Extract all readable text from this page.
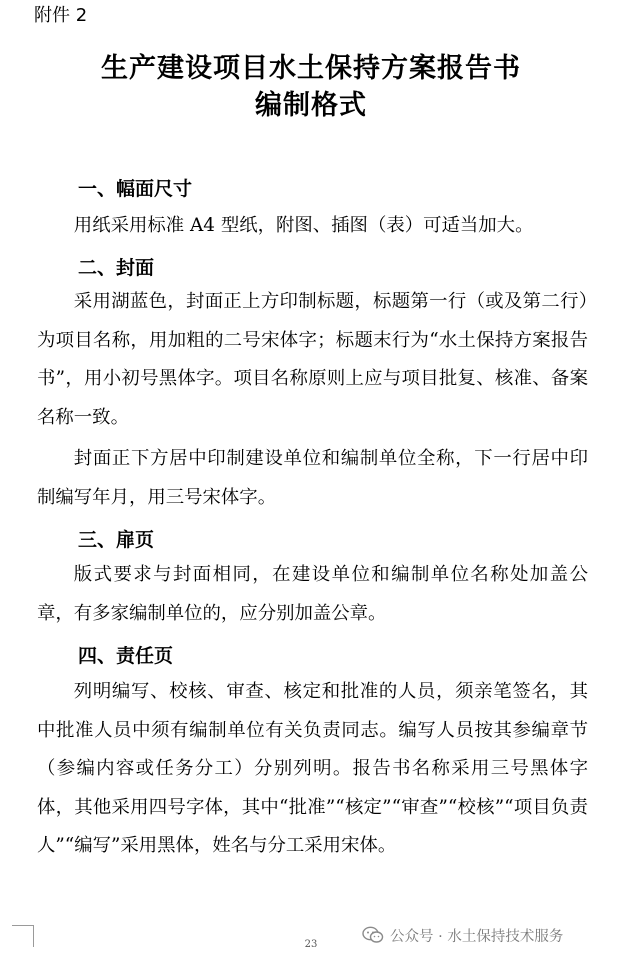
附件 2
生产建设项目水土保持方案报告书
编制格式
一、幅面尺寸

用纸采用标准 A4 型纸，附图、插图（表）可适当加大。

二、封面

采用湖蓝色，封面正上方印制标题，标题第一行（或及第二行）为项目名称，用加粗的二号宋体字；标题末行为“水土保持方案报告书”，用小初号黑体字。项目名称原则上应与项目批复、核准、备案名称一致。

封面正下方居中印制建设单位和编制单位全称，下一行居中印制编写年月，用三号宋体字。

三、扉页

版式要求与封面相同，在建设单位和编制单位名称处加盖公章，有多家编制单位的，应分别加盖公章。

四、责任页

列明编写、校核、审查、核定和批准的人员，须亲笔签名，其中批准人员中须有编制单位有关负责同志。编写人员按其参编章节（参编内容或任务分工）分别列明。报告书名称采用三号黑体字体，其他采用四号字体，其中“批准”“核定”“审查”“校核”“项目负责人”“编写”采用黑体，姓名与分工采用宋体。

23	公众号 · 水土保持技术服务
